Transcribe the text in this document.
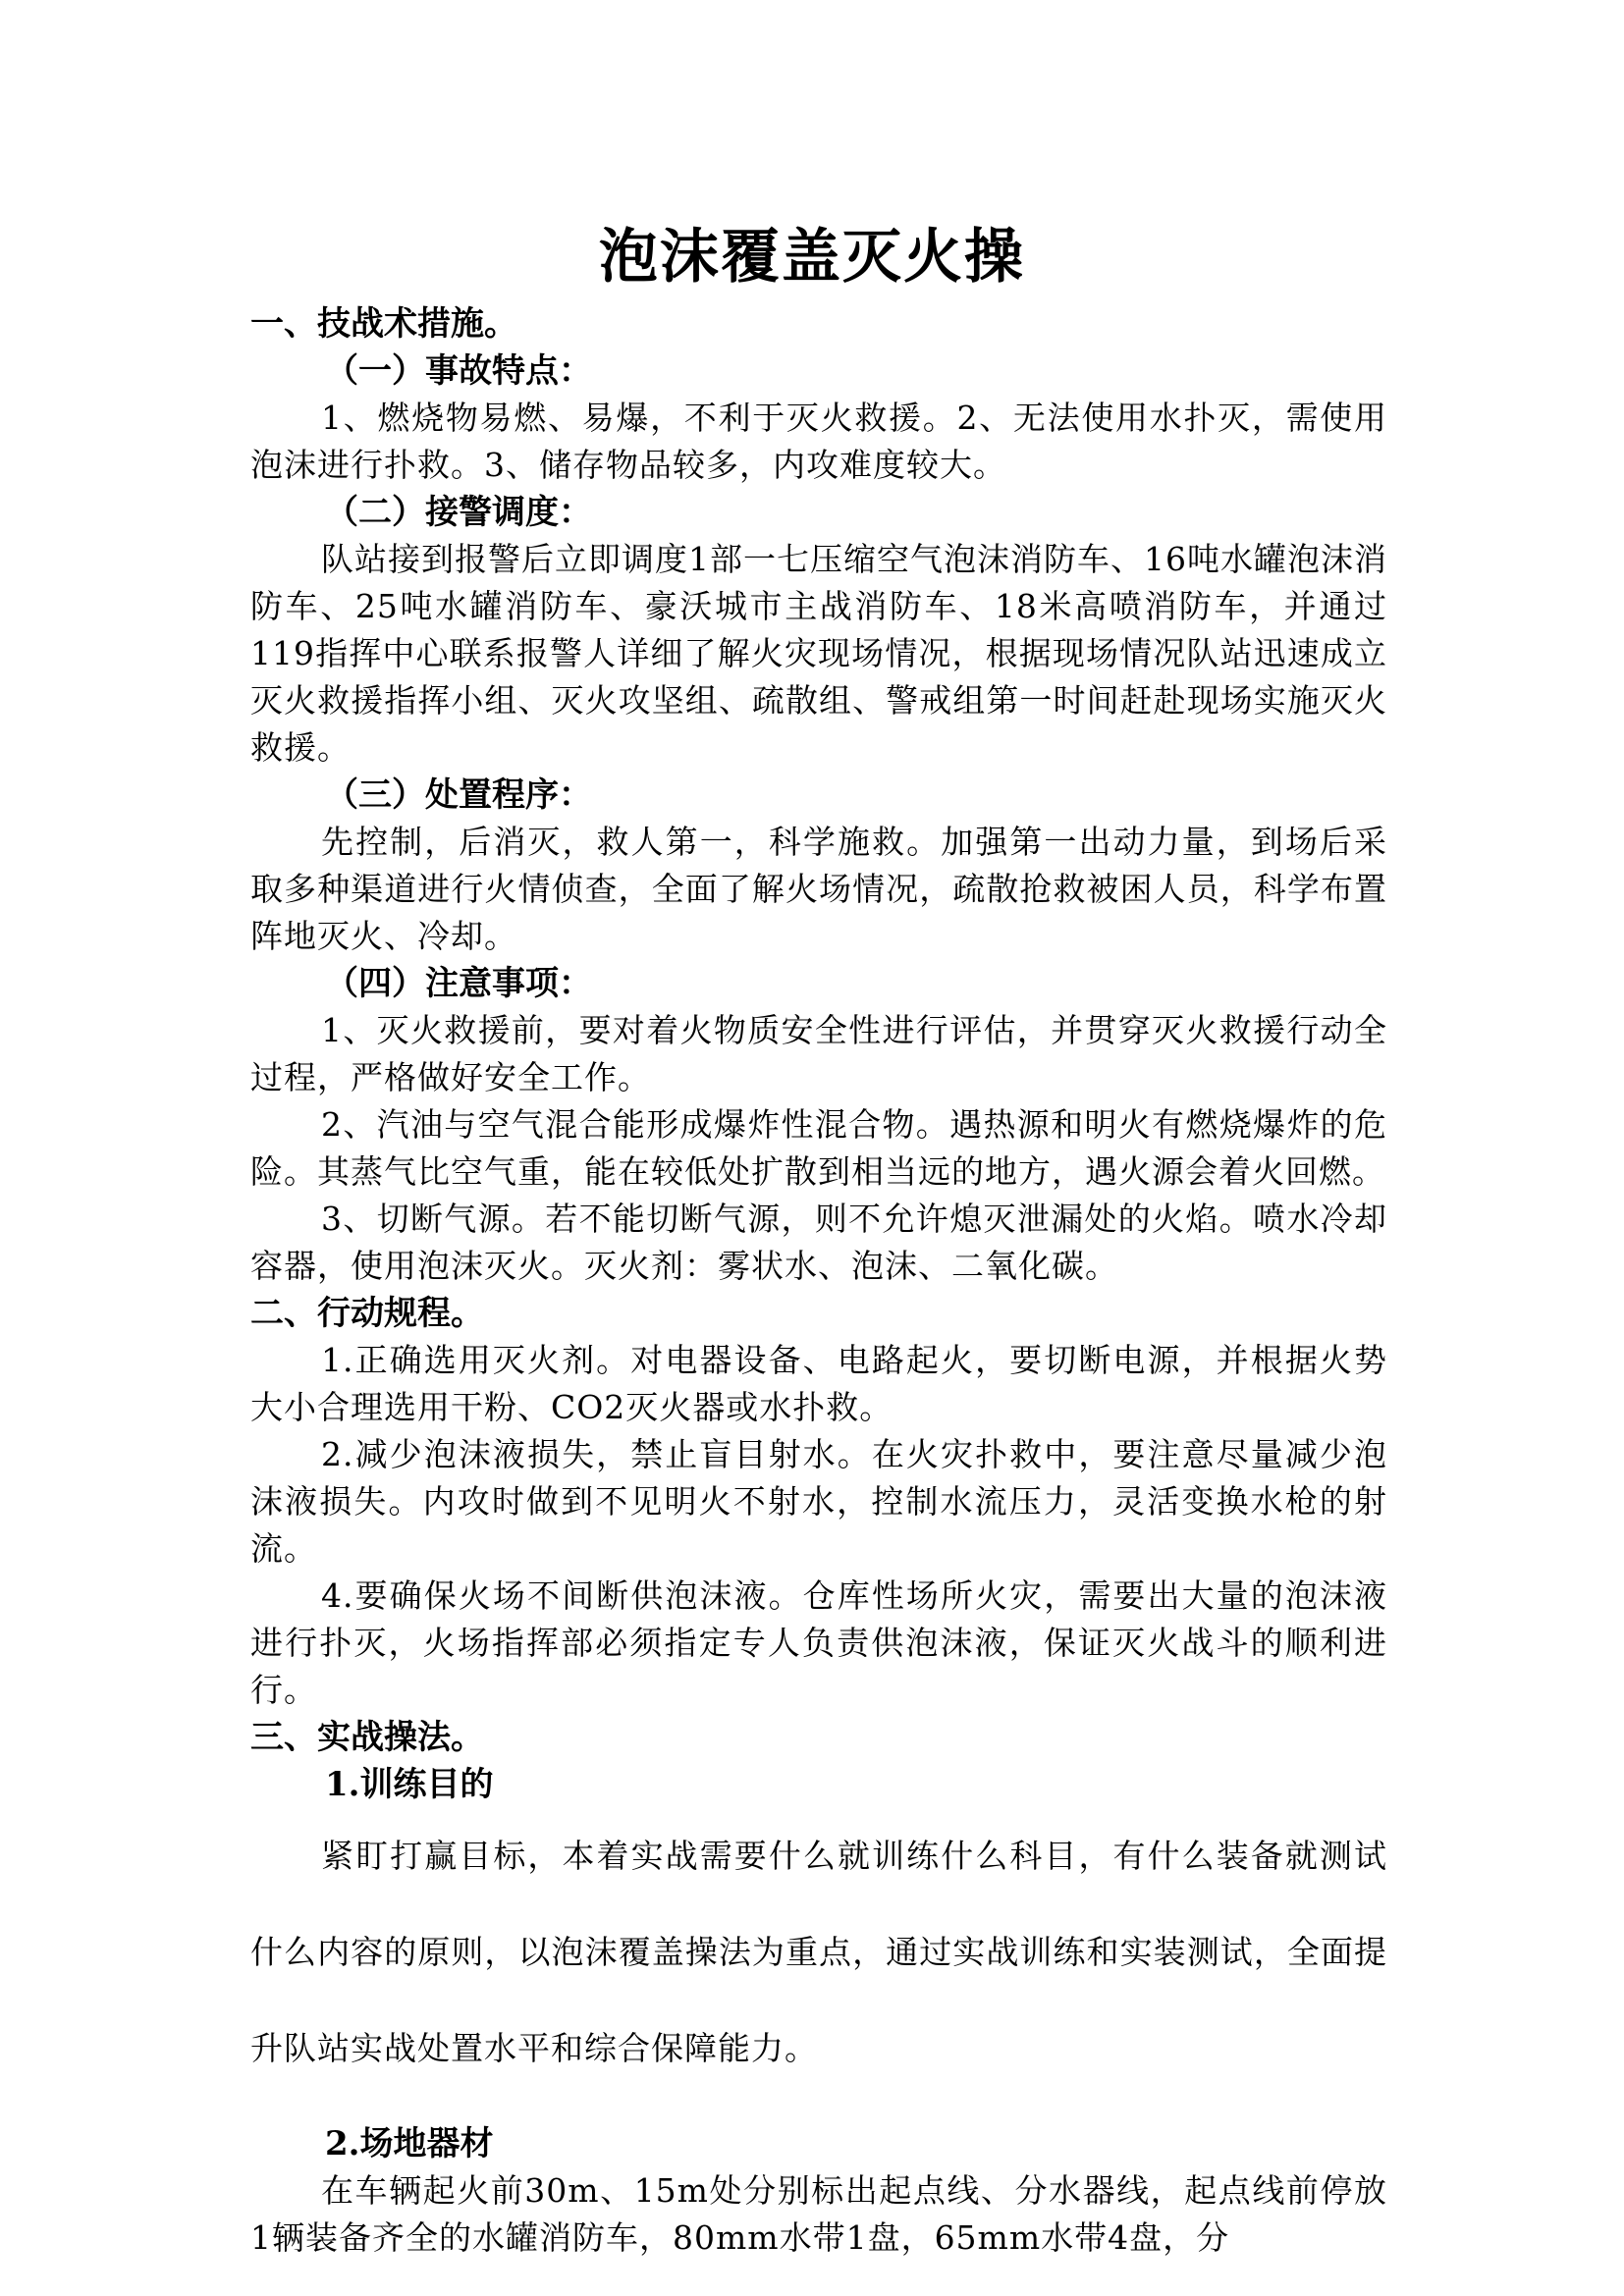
泡沫覆盖灭火操
一、技战术措施。
（一）事故特点：

1、燃烧物易燃、易爆，不利于灭火救援。2、无法使用水扑灭，需使用泡沫进行扑救。3、储存物品较多，内攻难度较大。

（二）接警调度：

队站接到报警后立即调度1部一七压缩空气泡沫消防车、16吨水罐泡沫消防车、25吨水罐消防车、豪沃城市主战消防车、18米高喷消防车，并通过119指挥中心联系报警人详细了解火灾现场情况，根据现场情况队站迅速成立灭火救援指挥小组、灭火攻坚组、疏散组、警戒组第一时间赶赴现场实施灭火救援。

（三）处置程序：

先控制，后消灭，救人第一，科学施救。加强第一出动力量，到场后采取多种渠道进行火情侦查，全面了解火场情况，疏散抢救被困人员，科学布置阵地灭火、冷却。

（四）注意事项：

1、灭火救援前，要对着火物质安全性进行评估，并贯穿灭火救援行动全过程，严格做好安全工作。

2、汽油与空气混合能形成爆炸性混合物。遇热源和明火有燃烧爆炸的危险。其蒸气比空气重，能在较低处扩散到相当远的地方，遇火源会着火回燃。

3、切断气源。若不能切断气源，则不允许熄灭泄漏处的火焰。喷水冷却容器，使用泡沫灭火。灭火剂：雾状水、泡沫、二氧化碳。

二、行动规程。

1.正确选用灭火剂。对电器设备、电路起火，要切断电源，并根据火势大小合理选用干粉、CO2灭火器或水扑救。

2.减少泡沫液损失，禁止盲目射水。在火灾扑救中，要注意尽量减少泡沫液损失。内攻时做到不见明火不射水，控制水流压力，灵活变换水枪的射流。

4.要确保火场不间断供泡沫液。仓库性场所火灾，需要出大量的泡沫液进行扑灭，火场指挥部必须指定专人负责供泡沫液，保证灭火战斗的顺利进行。

三、实战操法。
1.训练目的

紧盯打赢目标，本着实战需要什么就训练什么科目，有什么装备就测试什么内容的原则，以泡沫覆盖操法为重点，通过实战训练和实装测试，全面提升队站实战处置水平和综合保障能力。

2.场地器材

在车辆起火前30m、15m处分别标出起点线、分水器线，起点线前停放1辆装备齐全的水罐消防车，80mm水带1盘，65mm水带4盘，分
